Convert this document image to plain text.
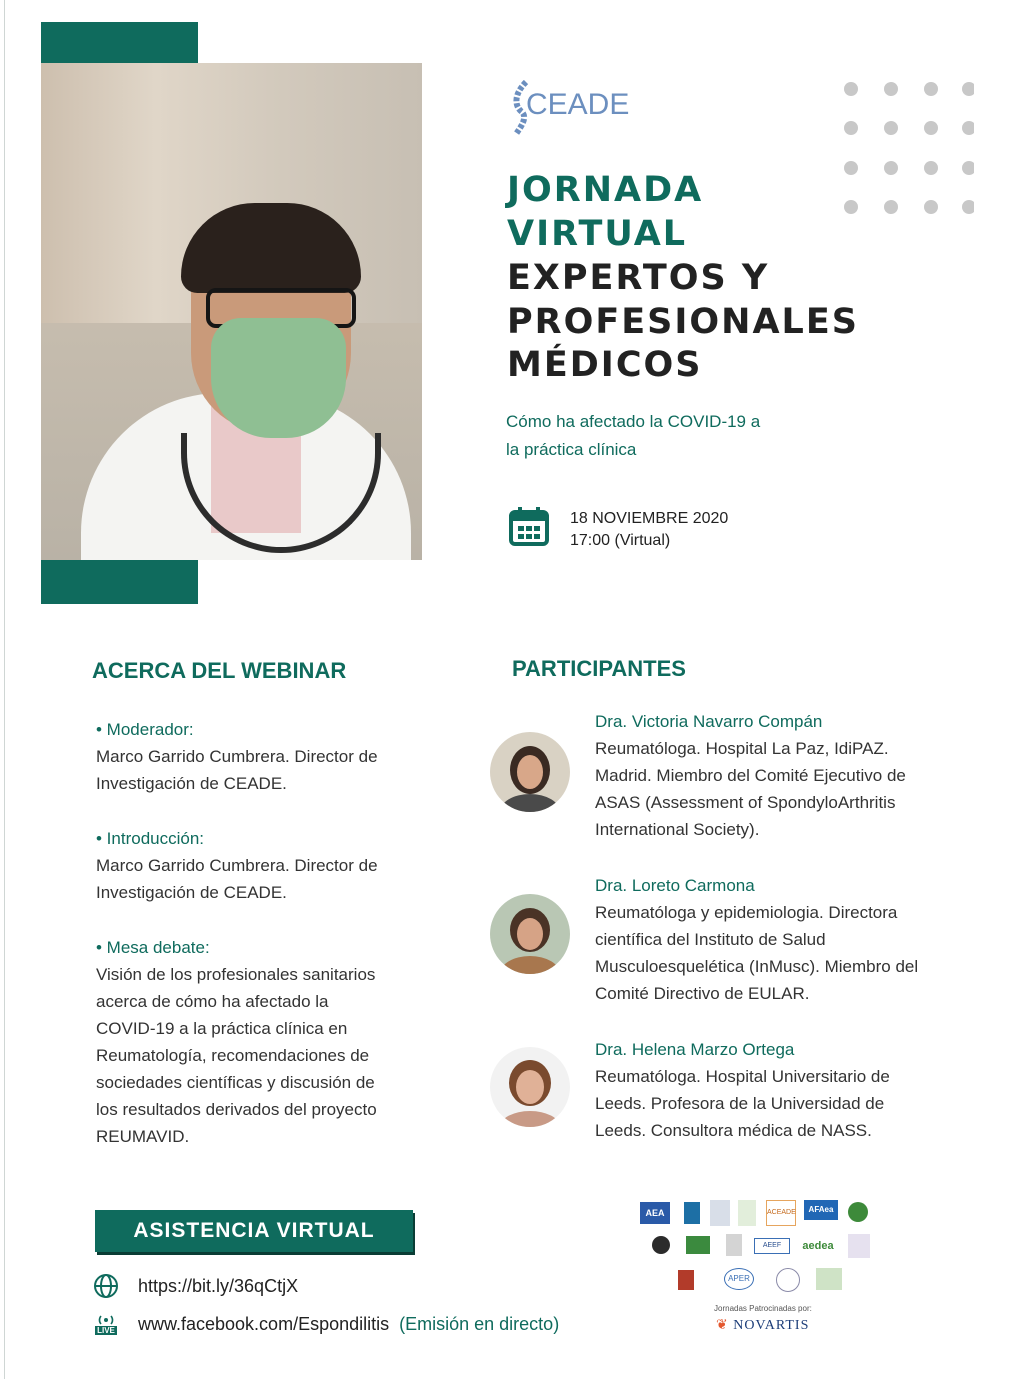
CEADE
JORNADA
VIRTUAL
EXPERTOS Y
PROFESIONALES
MÉDICOS
Cómo ha afectado la COVID-19 a
la práctica clínica
18 NOVIEMBRE 2020
17:00 (Virtual)
ACERCA DEL WEBINAR
• Moderador:
Marco Garrido Cumbrera. Director de
Investigación de CEADE.
• Introducción:
Marco Garrido Cumbrera. Director de
Investigación de CEADE.
• Mesa debate:
Visión de los profesionales sanitarios
acerca de cómo ha afectado la
COVID-19 a la práctica clínica en
Reumatología, recomendaciones de
sociedades científicas y discusión de
los resultados derivados del proyecto
REUMAVID.
PARTICIPANTES
Dra. Victoria Navarro Compán
Reumatóloga. Hospital La Paz, IdiPAZ.
Madrid. Miembro del Comité Ejecutivo de
ASAS (Assessment of SpondyloArthritis
International Society).
Dra. Loreto Carmona
Reumatóloga y epidemiologia. Directora
científica del Instituto de Salud
Musculoesquelética (InMusc). Miembro del
Comité Directivo de EULAR.
Dra. Helena Marzo Ortega
Reumatóloga. Hospital Universitario de
Leeds. Profesora de la Universidad de
Leeds. Consultora médica de NASS.
ASISTENCIA VIRTUAL
https://bit.ly/36qCtjX
LIVE www.facebook.com/Espondilitis (Emisión en directo)
AEA	ACEADE	AFAea
AEEF	aedea
APER
Jornadas Patrocinadas por:
❦ NOVARTIS
